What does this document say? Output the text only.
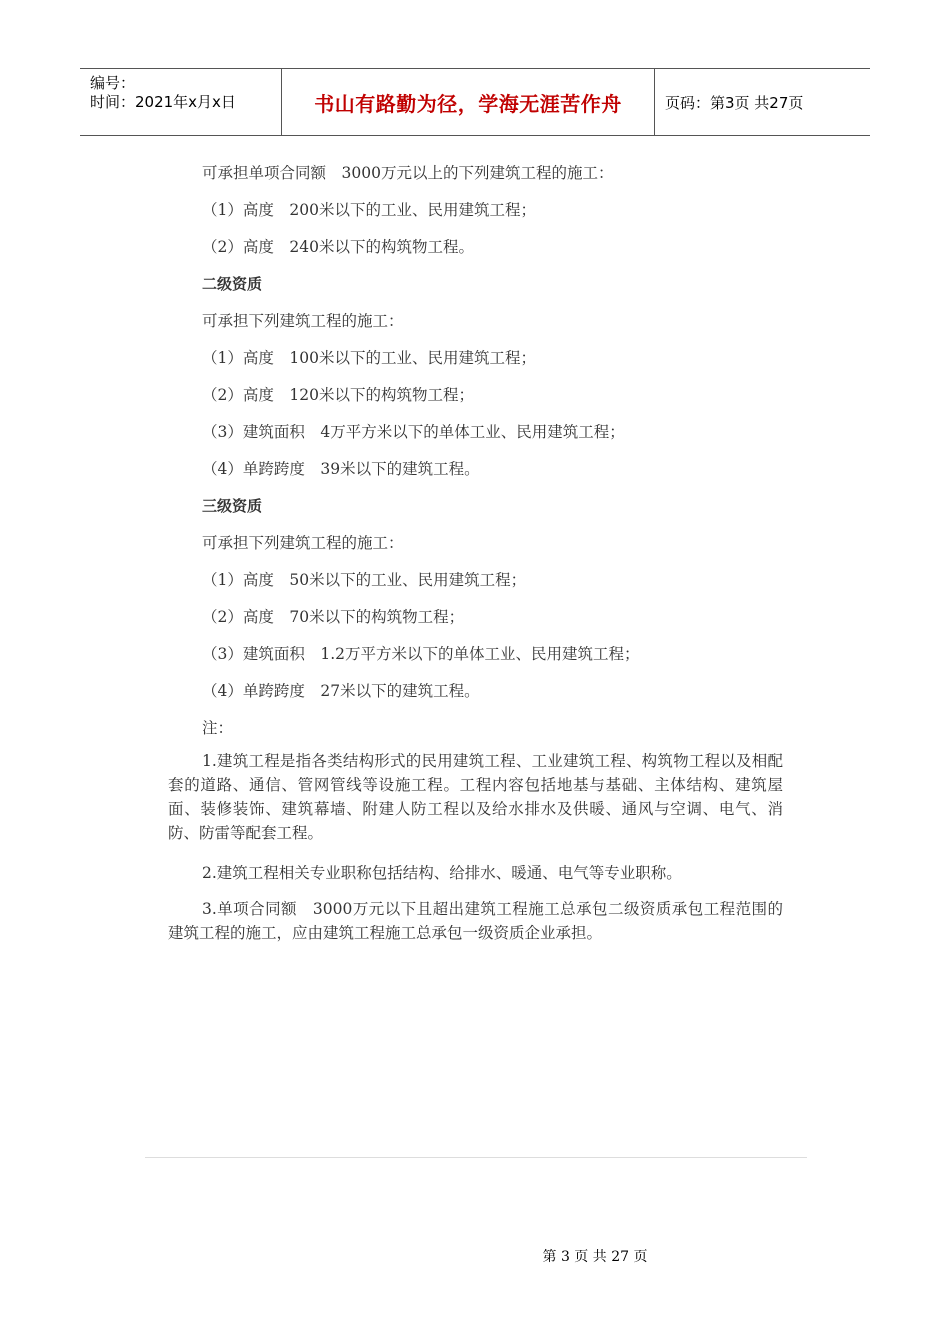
编号：
时间：2021年x月x日	书山有路勤为径，学海无涯苦作舟	页码：第3页 共27页
可承担单项合同额　3000万元以上的下列建筑工程的施工：
（1）高度　200米以下的工业、民用建筑工程；
（2）高度　240米以下的构筑物工程。
二级资质
可承担下列建筑工程的施工：
（1）高度　100米以下的工业、民用建筑工程；
（2）高度　120米以下的构筑物工程；
（3）建筑面积　4万平方米以下的单体工业、民用建筑工程；
（4）单跨跨度　39米以下的建筑工程。
三级资质
可承担下列建筑工程的施工：
（1）高度　50米以下的工业、民用建筑工程；
（2）高度　70米以下的构筑物工程；
（3）建筑面积　1.2万平方米以下的单体工业、民用建筑工程；
（4）单跨跨度　27米以下的建筑工程。
注：
1.建筑工程是指各类结构形式的民用建筑工程、工业建筑工程、构筑物工程以及相配套的道路、通信、管网管线等设施工程。工程内容包括地基与基础、主体结构、建筑屋面、装修装饰、建筑幕墙、附建人防工程以及给水排水及供暖、通风与空调、电气、消防、防雷等配套工程。
2.建筑工程相关专业职称包括结构、给排水、暖通、电气等专业职称。
3.单项合同额　3000万元以下且超出建筑工程施工总承包二级资质承包工程范围的建筑工程的施工，应由建筑工程施工总承包一级资质企业承担。
第 3 页 共 27 页
